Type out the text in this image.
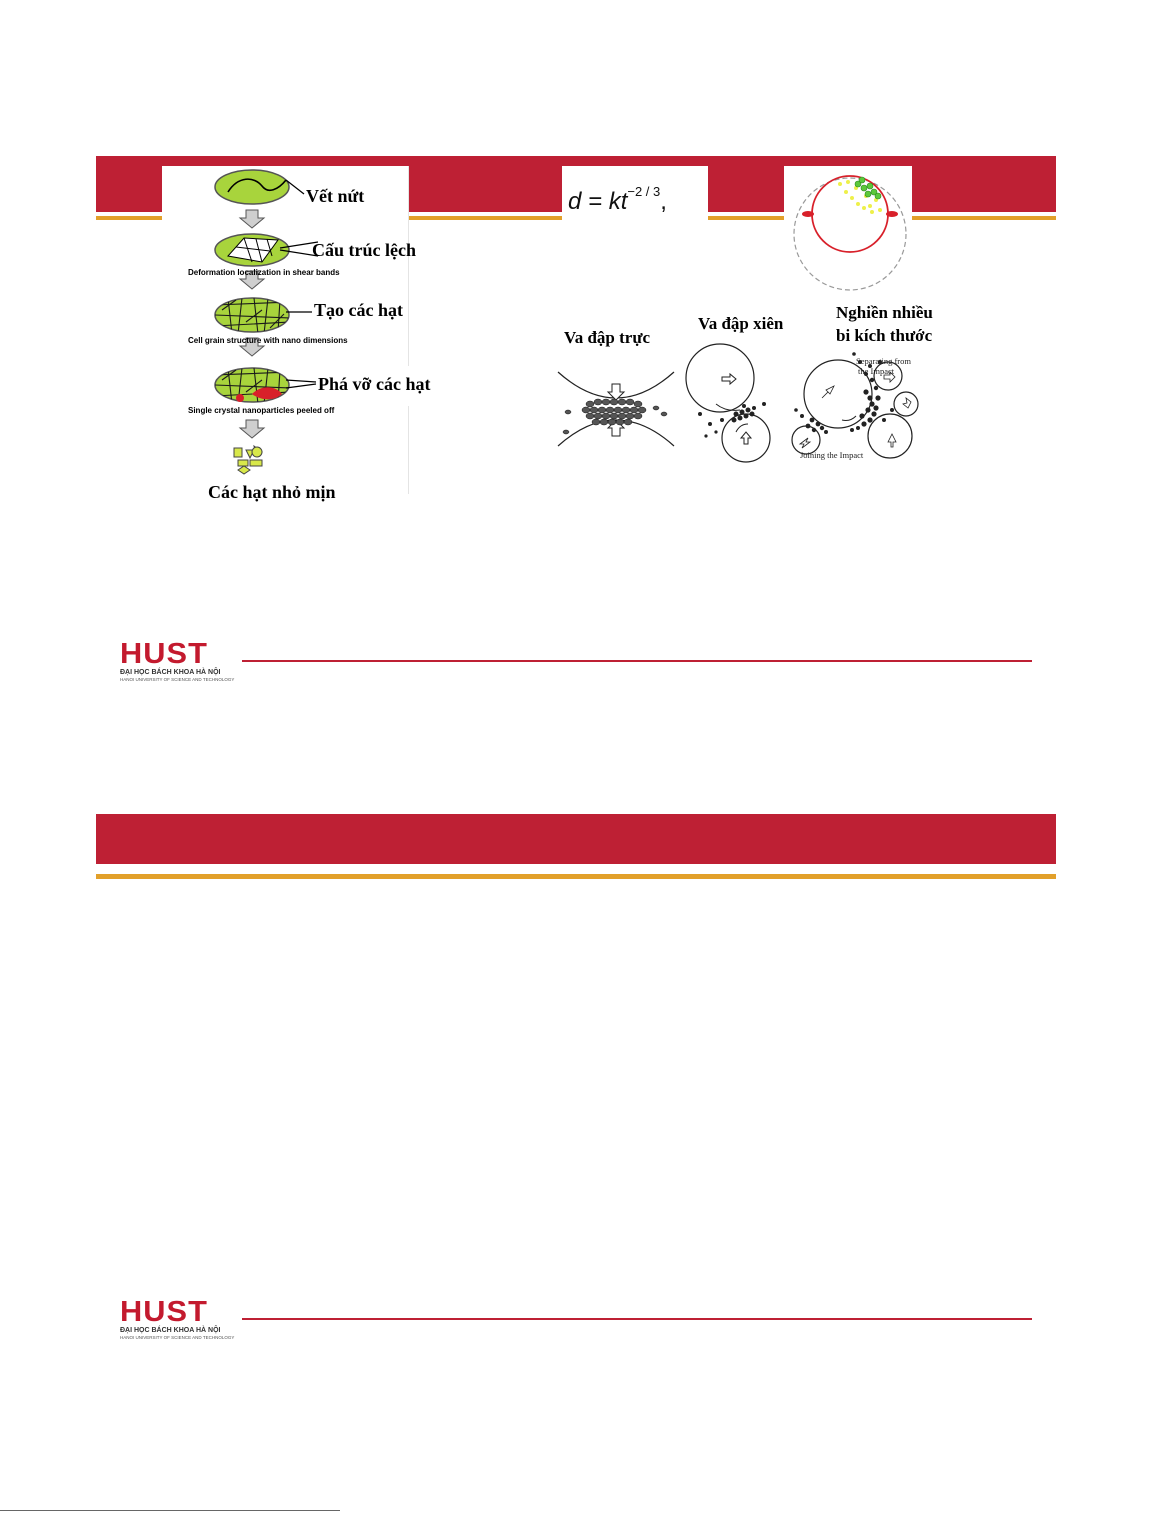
Vết nứt
Cấu trúc lệch
Deformation localization in shear bands
Tạo các hạt
Cell grain structure with nano dimensions
Phá vỡ các hạt
Single crystal nanoparticles peeled off
Các hạt nhỏ mịn
$d = kt^{-2 / 3}$,
Va đập trực
Va đập xiên
Nghiền nhiều
bi kích thước
Separating from
the Impact
Joining the Impact
HUST
ĐẠI HỌC BÁCH KHOA HÀ NỘI
HANOI UNIVERSITY OF SCIENCE AND TECHNOLOGY
HUST
ĐẠI HỌC BÁCH KHOA HÀ NỘI
HANOI UNIVERSITY OF SCIENCE AND TECHNOLOGY
